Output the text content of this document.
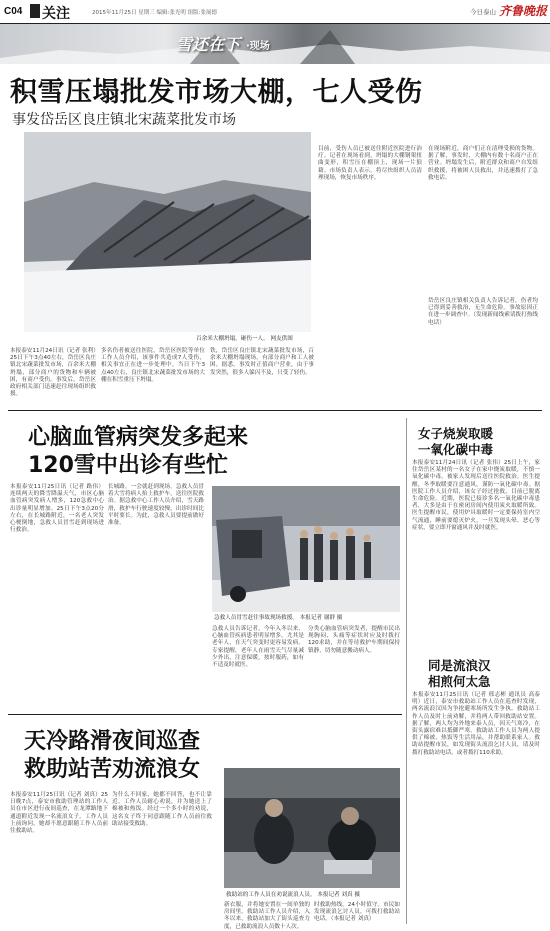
C04 关注	2015年11月25日 星期三 编辑:张光明 组版:张展德	今日泰山 齐鲁晚报
雪还在下 ·现场
积雪压塌批发市场大棚，七人受伤
事发岱岳区良庄镇北宋蔬菜批发市场
百余米大棚坍塌，砸伤一人。 网友供图
本报泰安11月24日讯（记者 张利）25日下午3点40左右，岱岳区良庄镇北宋蔬菜批发市场，百余米大棚坍塌，部分商户的货物和车辆被困，有商户受伤。事发后，岱岳区政府相关部门迅速赶往现场组织救援。
多名伤者被送往医院，岱岳区医院等单位工作人员介绍，该事件共造成7人受伤，相关事宜正在进一步处理中。当日下午3点40左右，良庄镇北宋蔬菜批发市场的大棚在积雪重压下坍塌。
铁，岱岳区良庄镇北宋蔬菜批发市场，百余米大棚坍塌现场，有部分商户和工人被困。据悉，事发时正值商户营业，由于事发突然，很多人躲闪不及，只受了轻伤。
目前，受伤人员已被送往附近医院进行治疗。记者在现场看到，坍塌的大棚钢架扭曲变形，积雪压在棚顶上，现场一片狼藉。市场负责人表示，将尽快组织人员清理现场，恢复市场秩序。
在现场附近，商户们正在清理受损的货物。据了解，事发时，大棚内有数十名商户正在营业。坍塌发生后，附近群众和商户自发组织救援，将被困人员救出，并迅速拨打了急救电话。
岱岳区良庄镇相关负责人告诉记者，伤者均已得到妥善救治，无生命危险。事故原因正在进一步调查中。（发现新闻线索请拨打热线电话）
心脑血管病突发多起来
120雪中出诊有些忙
本报泰安11月25日讯（记者 路伟）连续两天的降雪降温天气，市区心脑血管病突发病人增多，120急救中心出诊量明显增加。25日下午3点20分左右，在长城路附近，一名老人突发心梗倒地，急救人员冒雪赶到现场进行救治。
长城路，一会就赶到现场。急救人员冒着大雪将病人抬上救护车，送往医院救治。据急救中心工作人员介绍，雪天路滑，救护车行驶速度较慢，出诊时间比平时要长。为此，急救人员要提前做好准备。
急救人员冒雪赶往事故现场救援。 本报记者 谢群 摄
急救人员告诉记者，今年入冬以来，心脑血管疾病患者明显增多。尤其是老年人，在天气突变时更容易发病。专家提醒，老年人在雨雪天气尽量减少外出，注意保暖，按时服药，如有不适及时就医。
分类心脑血管病突发者，提醒市民出现胸闷、头痛等症状时应及时拨打120求助，并在等待救护车期间保持镇静，切勿随意搬动病人。
女子烧炭取暖
一氧化碳中毒
本报泰安11月24日讯（记者 张伟）25日上午，家住岱岳区某村的一名女子在家中烧炭取暖，不慎一氧化碳中毒，被家人发现后送往医院救治。医生提醒，冬季取暖要注意通风，谨防一氧化碳中毒。据医院工作人员介绍，该女子经过抢救，目前已脱离生命危险。近期，医院已接诊多名一氧化碳中毒患者，大多是由于在密闭房间内使用炭火取暖所致。医生提醒市民，使用炉具取暖时一定要保持室内空气流通，睡前要熄灭炉火，一旦发现头晕、恶心等症状，要立即开窗通风并及时就医。
同是流浪汉
相煎何太急
本报泰安11月25日讯（记者 邢志彬 通讯员 高泰明）近日，泰安市救助站工作人员在巡查时发现，两名流浪汉因为争抢避寒场所发生争执。救助站工作人员及时上前劝解，并将两人带回救助站安置。据了解，两人均为外地来泰人员，因天气寒冷，在街头露宿难以抵御严寒。救助站工作人员为两人提供了棉被、热饭等生活用品，并帮助联系家人。救助站提醒市民，如发现街头流浪乞讨人员，请及时拨打救助站电话，或者拨打110求助。
天冷路滑夜间巡查
救助站苦劝流浪女
本报泰安11月25日讯（记者 刘真）25日晚7点，泰安市救助管理站的工作人员在市区进行夜间巡查，在龙潭路地下通道附近发现一名流浪女子。工作人员上前询问，她却不愿意跟随工作人员前往救助站。
为什么不回家，她都不回答，也不让靠近。工作人员耐心劝说，并为她送上了棉被和热饭。经过一个多小时的劝说，这名女子终于同意跟随工作人员前往救助站接受救助。
救助站的工作人员在劝说流浪人员。 本报记者 刘真 摄
新衣服，并将她安置在一间单独的房间里。救助站工作人员介绍，入冬以来，救助站加大了街头巡查力度，已救助流浪人员数十人次。
时救助热线，24小时值守。市民如发现流浪乞讨人员，可拨打救助站电话。（本报记者 刘真）
